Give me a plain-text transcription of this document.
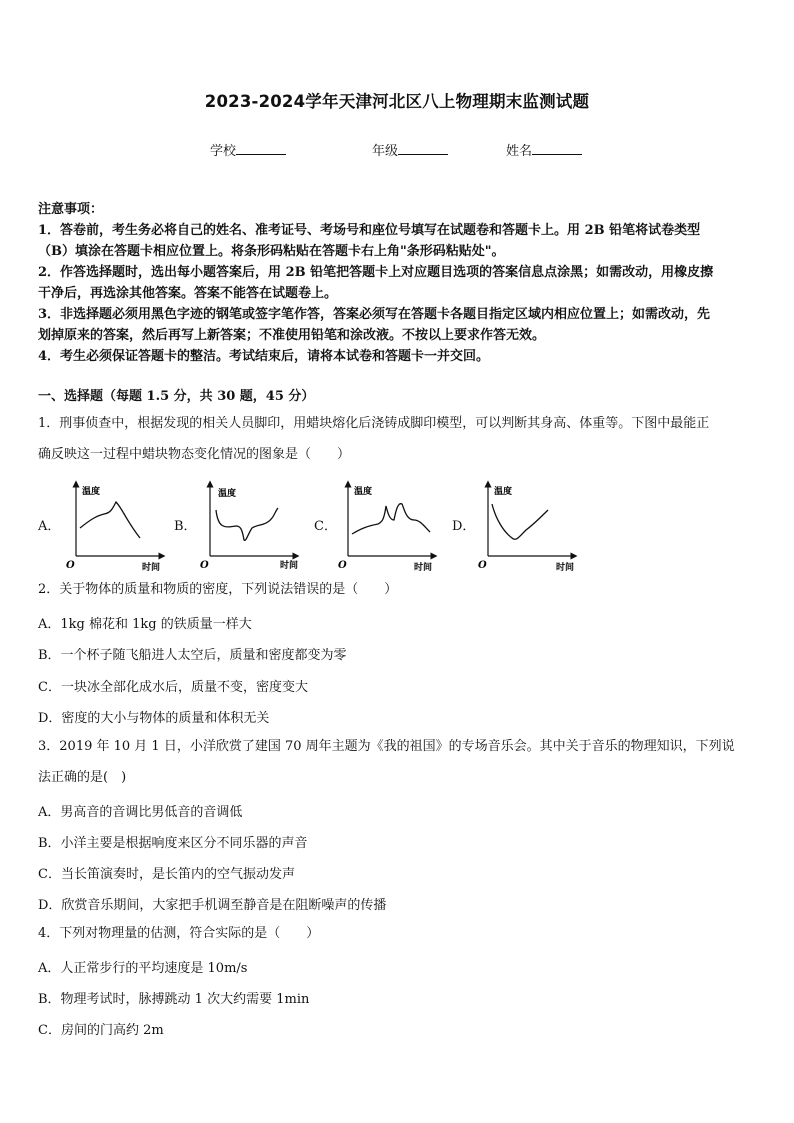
2023-2024学年天津河北区八上物理期末监测试题
学校	年级	姓名
注意事项：
1．答卷前，考生务必将自己的姓名、准考证号、考场号和座位号填写在试题卷和答题卡上。用 2B 铅笔将试卷类型
（B）填涂在答题卡相应位置上。将条形码粘贴在答题卡右上角"条形码粘贴处"。
2．作答选择题时，选出每小题答案后，用 2B 铅笔把答题卡上对应题目选项的答案信息点涂黑；如需改动，用橡皮擦
干净后，再选涂其他答案。答案不能答在试题卷上。
3．非选择题必须用黑色字迹的钢笔或签字笔作答，答案必须写在答题卡各题目指定区域内相应位置上；如需改动，先
划掉原来的答案，然后再写上新答案；不准使用铅笔和涂改液。不按以上要求作答无效。
4．考生必须保证答题卡的整洁。考试结束后，请将本试卷和答题卡一并交回。
一、选择题（每题 1.5 分，共 30 题，45 分）
1．刑事侦查中，根据发现的相关人员脚印，用蜡块熔化后浇铸成脚印模型，可以判断其身高、体重等。下图中最能正
确反映这一过程中蜡块物态变化情况的图象是（　　）
A．
温度
时间
O
B．
温度
时间
O
C．
温度
时间
O
D．
温度
时间
O
2．关于物体的质量和物质的密度，下列说法错误的是（　　）
A．1kg 棉花和 1kg 的铁质量一样大
B．一个杯子随飞船进人太空后，质量和密度都变为零
C．一块冰全部化成水后，质量不变，密度变大
D．密度的大小与物体的质量和体积无关
3．2019 年 10 月 1 日，小洋欣赏了建国 70 周年主题为《我的祖国》的专场音乐会。其中关于音乐的物理知识，下列说
法正确的是(　)
A．男高音的音调比男低音的音调低
B．小洋主要是根据响度来区分不同乐器的声音
C．当长笛演奏时，是长笛内的空气振动发声
D．欣赏音乐期间，大家把手机调至静音是在阻断噪声的传播
4．下列对物理量的估测，符合实际的是（　　）
A．人正常步行的平均速度是 10m/s
B．物理考试时，脉搏跳动 1 次大约需要 1min
C．房间的门高约 2m
